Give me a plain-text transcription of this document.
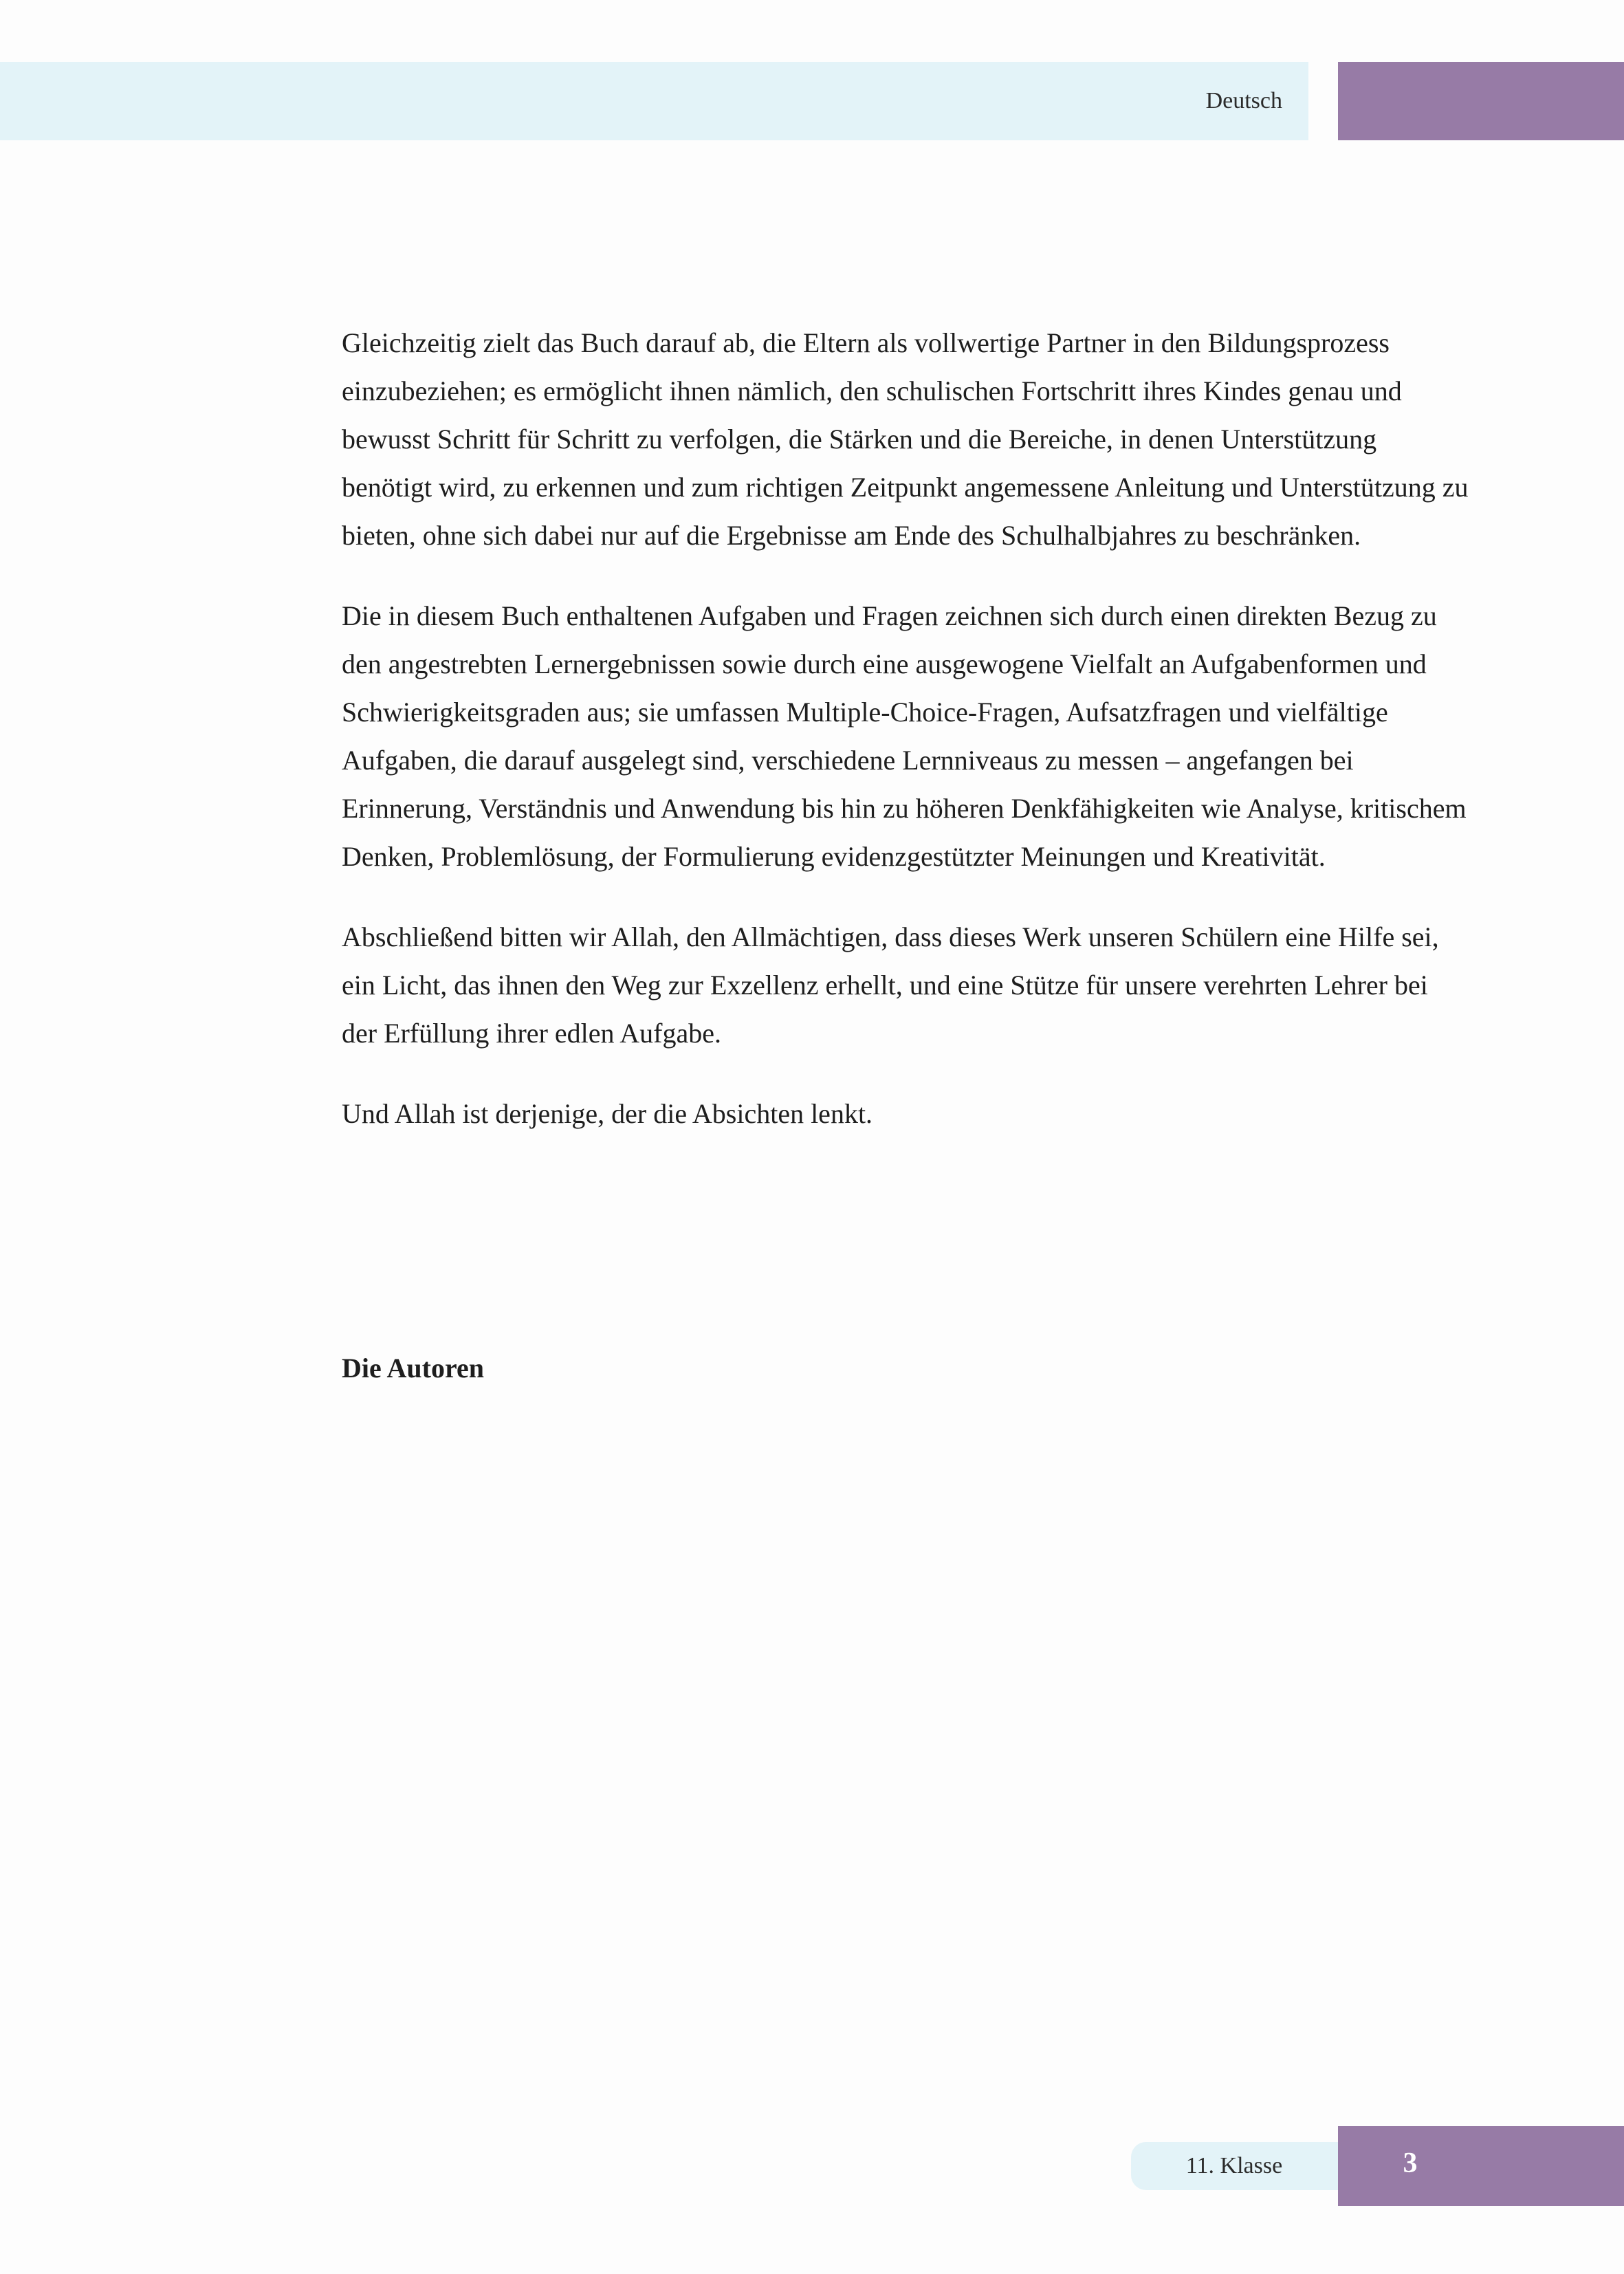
Deutsch

Gleichzeitig zielt das Buch darauf ab, die Eltern als vollwertige Partner in den Bildungsprozess einzubeziehen; es ermöglicht ihnen nämlich, den schulischen Fortschritt ihres Kindes genau und bewusst Schritt für Schritt zu verfolgen, die Stärken und die Bereiche, in denen Unterstützung benötigt wird, zu erkennen und zum richtigen Zeitpunkt angemessene Anleitung und Unterstützung zu bieten, ohne sich dabei nur auf die Ergebnisse am Ende des Schulhalbjahres zu beschränken.

Die in diesem Buch enthaltenen Aufgaben und Fragen zeichnen sich durch einen direkten Bezug zu den angestrebten Lernergebnissen sowie durch eine ausgewogene Vielfalt an Aufgabenformen und Schwierigkeitsgraden aus; sie umfassen Multiple-Choice-Fragen, Aufsatzfragen und vielfältige Aufgaben, die darauf ausgelegt sind, verschiedene Lernniveaus zu messen – angefangen bei Erinnerung, Verständnis und Anwendung bis hin zu höheren Denkfähigkeiten wie Analyse, kritischem Denken, Problemlösung, der Formulierung evidenzgestützter Meinungen und Kreativität.

Abschließend bitten wir Allah, den Allmächtigen, dass dieses Werk unseren Schülern eine Hilfe sei, ein Licht, das ihnen den Weg zur Exzellenz erhellt, und eine Stütze für unsere verehrten Lehrer bei der Erfüllung ihrer edlen Aufgabe.

Und Allah ist derjenige, der die Absichten lenkt.

Die Autoren

11. Klasse	3
